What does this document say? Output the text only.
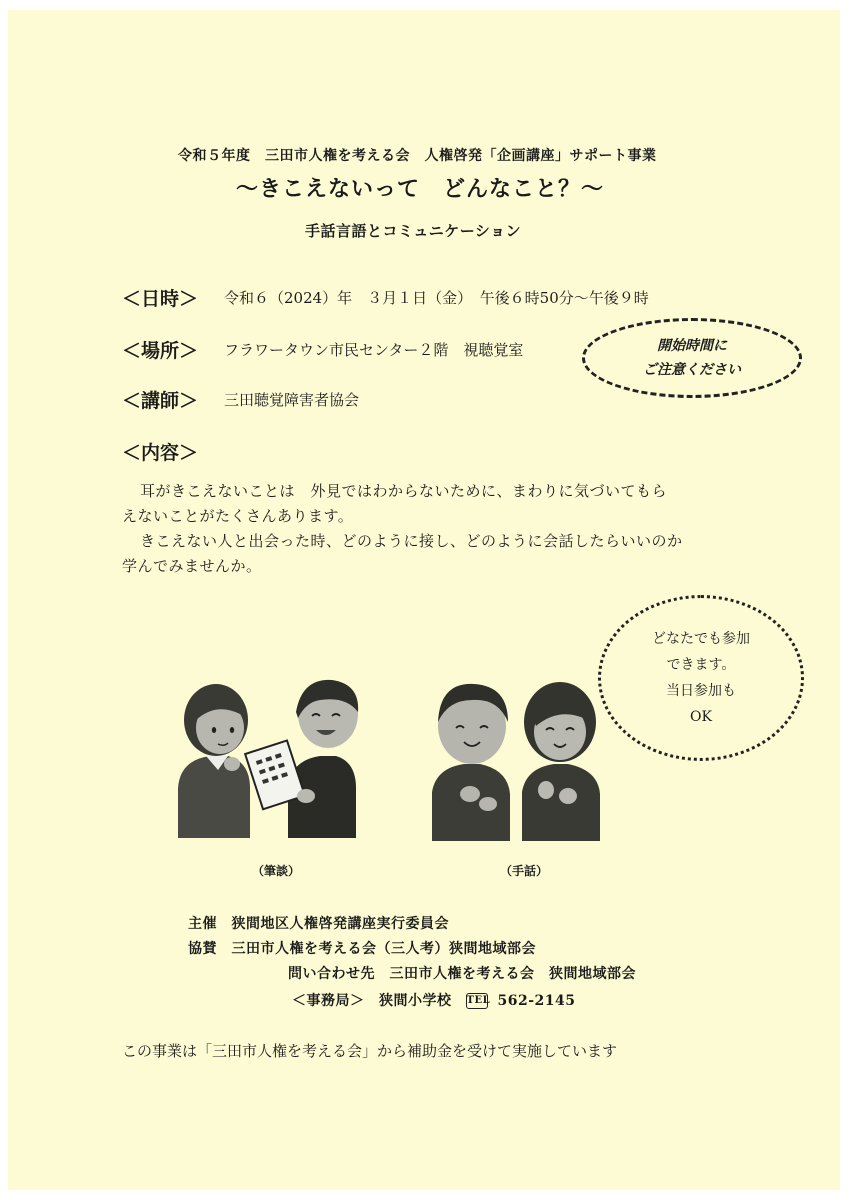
令和５年度　三田市人権を考える会　人権啓発「企画講座」サポート事業
～きこえないって　どんなこと？～
手話言語とコミュニケーション
＜日時＞ 令和６（2024）年　３月１日（金）　午後６時50分～午後９時
＜場所＞ フラワータウン市民センター２階　視聴覚室
＜講師＞ 三田聴覚障害者協会
＜内容＞
開始時間に
ご注意ください
耳がきこえないことは　外見ではわからないために、まわりに気づいてもら
えないことがたくさんあります。
きこえない人と出会った時、どのように接し、どのように会話したらいいのか
学んでみませんか。
どなたでも参加
できます。
当日参加も
OK
（筆談）	（手話）
主催　狭間地区人権啓発講座実行委員会
協賛　三田市人権を考える会（三人考）狭間地域部会
問い合わせ先　三田市人権を考える会　狭間地域部会
＜事務局＞　狭間小学校 TEL 562-2145
この事業は「三田市人権を考える会」から補助金を受けて実施しています
